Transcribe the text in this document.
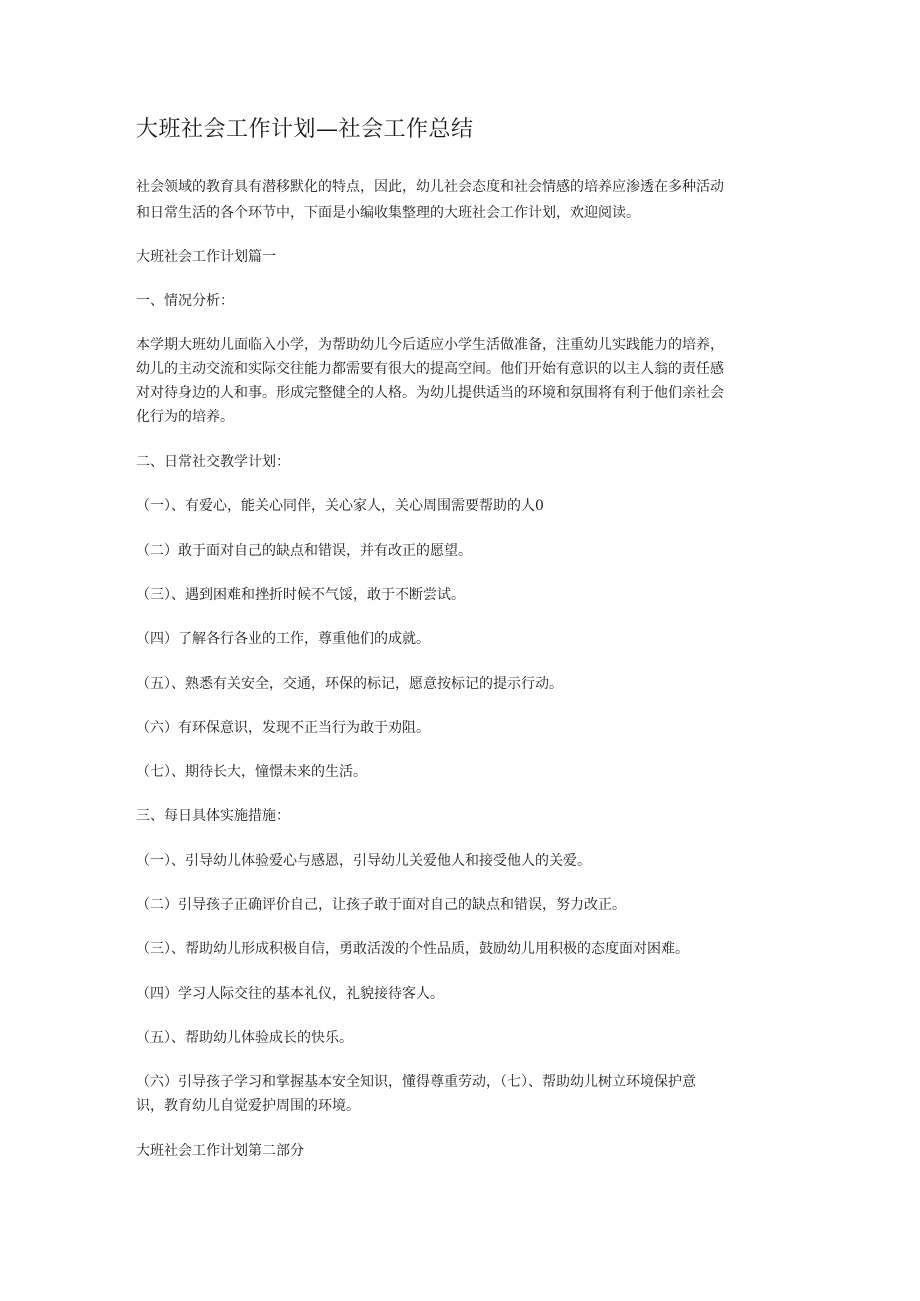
大班社会工作计划—社会工作总结

社会领域的教育具有潜移默化的特点，因此，幼儿社会态度和社会情感的培养应渗透在多种活动

和日常生活的各个环节中，下面是小编收集整理的大班社会工作计划，欢迎阅读。

大班社会工作计划篇一

一、情况分析：

本学期大班幼儿面临入小学，为帮助幼儿今后适应小学生活做准备，注重幼儿实践能力的培养，

幼儿的主动交流和实际交往能力都需要有很大的提高空间。他们开始有意识的以主人翁的责任感

对对待身边的人和事。形成完整健全的人格。为幼儿提供适当的环境和氛围将有利于他们亲社会

化行为的培养。

二、日常社交教学计划：

（一）、有爱心，能关心同伴，关心家人，关心周围需要帮助的人0

（二）敢于面对自己的缺点和错误，并有改正的愿望。

（三）、遇到困难和挫折时候不气馁，敢于不断尝试。

（四）了解各行各业的工作，尊重他们的成就。

（五）、熟悉有关安全，交通，环保的标记，愿意按标记的提示行动。

（六）有环保意识，发现不正当行为敢于劝阻。

（七）、期待长大，憧憬未来的生活。

三、每日具体实施措施：

（一）、引导幼儿体验爱心与感恩，引导幼儿关爱他人和接受他人的关爱。

（二）引导孩子正确评价自己，让孩子敢于面对自己的缺点和错误，努力改正。

（三）、帮助幼儿形成积极自信，勇敢活泼的个性品质，鼓励幼儿用积极的态度面对困难。

（四）学习人际交往的基本礼仪，礼貌接待客人。

（五）、帮助幼儿体验成长的快乐。

（六）引导孩子学习和掌握基本安全知识，懂得尊重劳动，（七）、帮助幼儿树立环境保护意

识，教育幼儿自觉爱护周围的环境。

大班社会工作计划第二部分
